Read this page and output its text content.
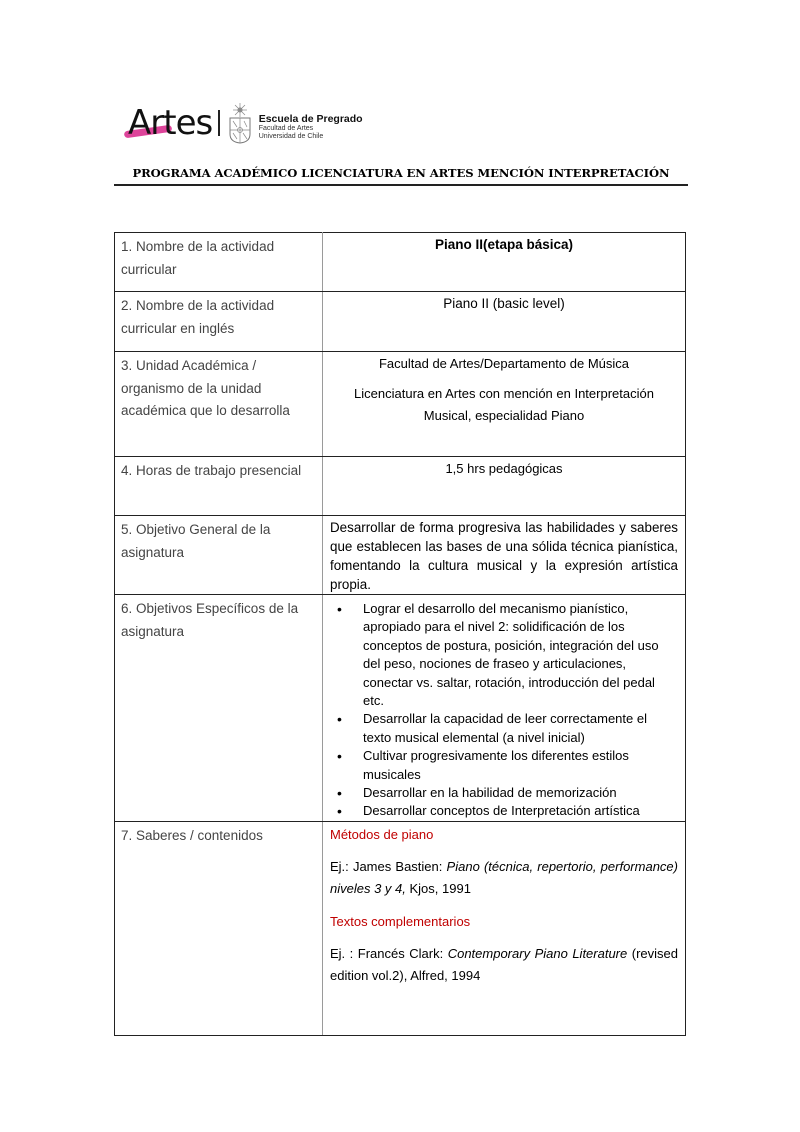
Artes	Escuela de Pregrado
Facultad de Artes
Universidad de Chile
PROGRAMA ACADÉMICO LICENCIATURA EN ARTES MENCIÓN INTERPRETACIÓN
1. Nombre de la actividad curricular	Piano II(etapa básica)
2. Nombre de la actividad curricular en inglés	Piano II (basic level)
3. Unidad Académica / organismo de la unidad académica que lo desarrolla	Facultad de Artes/Departamento de Música
Licenciatura en Artes con mención en Interpretación Musical, especialidad Piano

4. Horas de trabajo presencial	1,5 hrs pedagógicas
5. Objetivo General de la asignatura	Desarrollar de forma progresiva las habilidades y saberes que establecen las bases de una sólida técnica pianística, fomentando la cultura musical y la expresión artística propia.
6. Objetivos Específicos de la asignatura	
• Lograr el desarrollo del mecanismo pianístico, apropiado para el nivel 2: solidificación de los conceptos de postura, posición, integración del uso del peso, nociones de fraseo y articulaciones, conectar vs. saltar, rotación, introducción del pedal etc.
• Desarrollar la capacidad de leer correctamente el texto musical elemental (a nivel inicial)
• Cultivar progresivamente los diferentes estilos musicales
• Desarrollar en la habilidad de memorización
• Desarrollar conceptos de Interpretación artística

7. Saberes / contenidos	Métodos de piano
Ej.: James Bastien: Piano (técnica, repertorio, performance) niveles 3 y 4, Kjos, 1991
Textos complementarios
Ej. : Francés Clark: Contemporary Piano Literature (revised edition vol.2), Alfred, 1994
